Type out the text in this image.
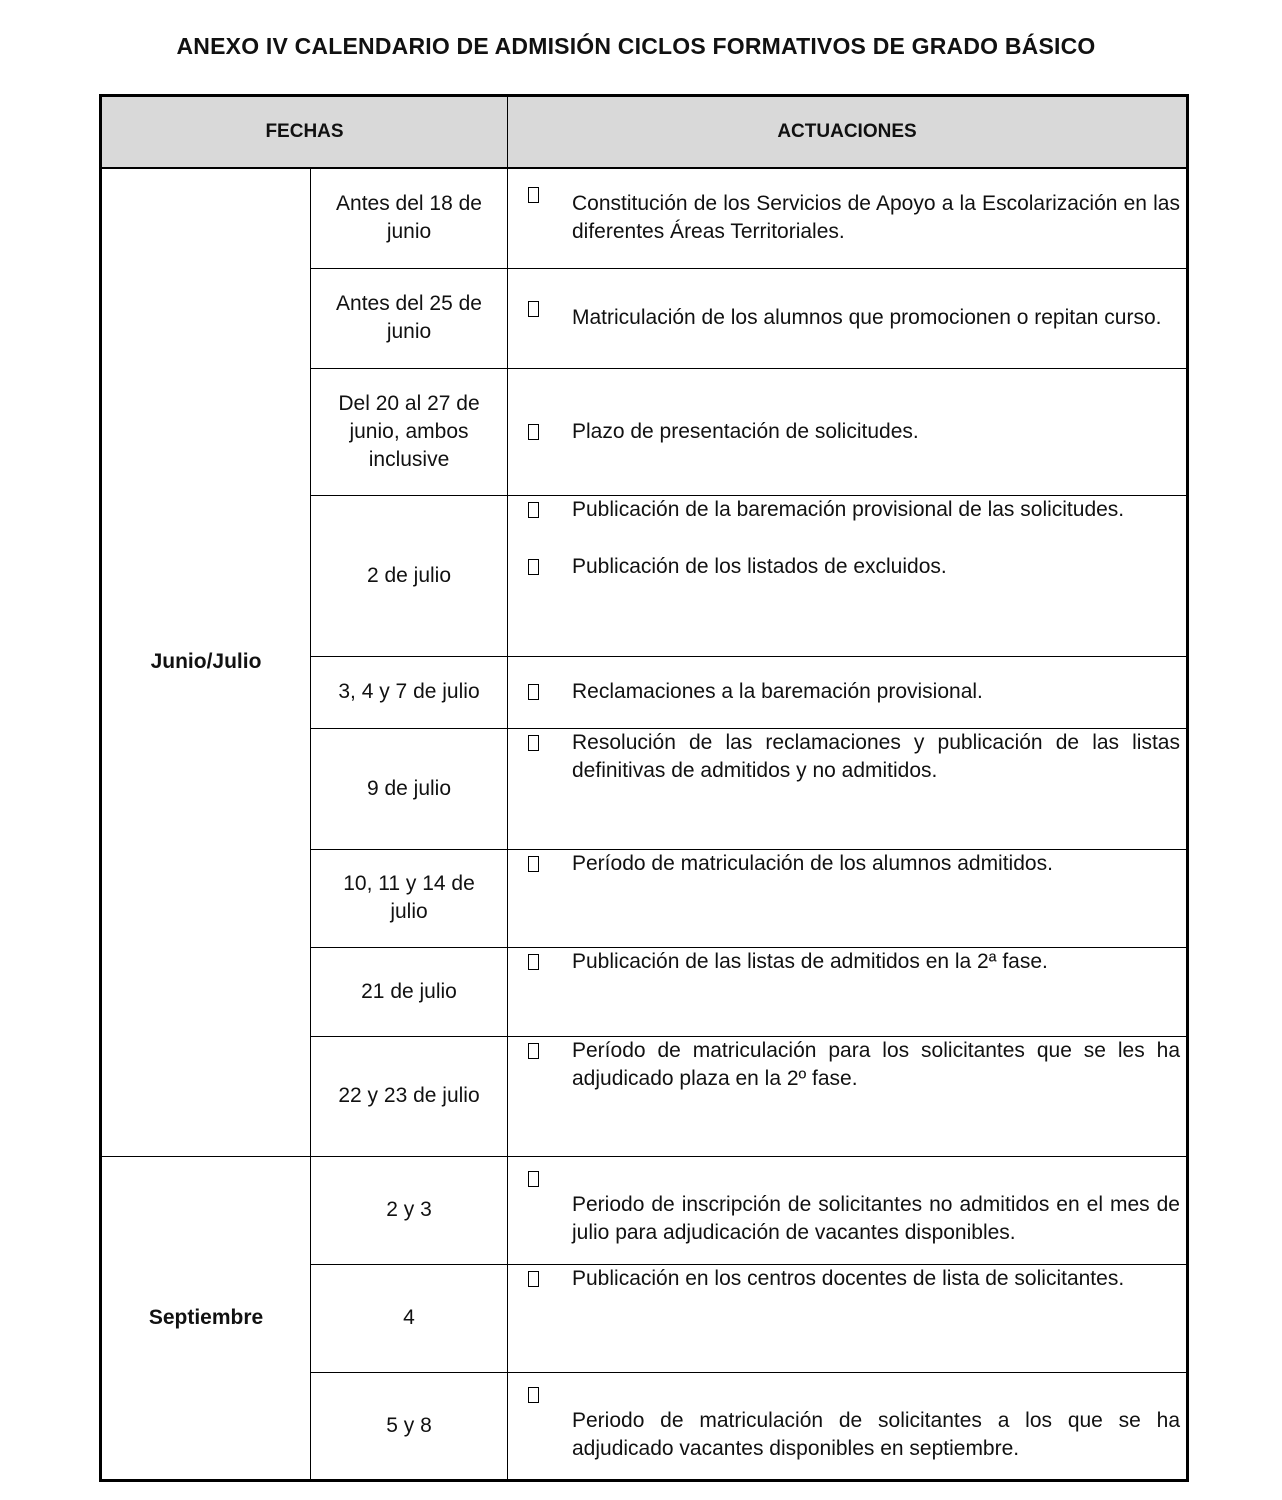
ANEXO IV CALENDARIO DE ADMISIÓN CICLOS FORMATIVOS DE GRADO BÁSICO
FECHAS		ACTUACIONES
Junio/Julio	Antes del 18 de junio	Constitución de los Servicios de Apoyo a la Escolarización en las diferentes Áreas Territoriales.

	Antes del 25 de junio	Matriculación de los alumnos que promocionen o repitan curso.

	Del 20 al 27 de junio, ambos inclusive	Plazo de presentación de solicitudes.

	2 de julio	Publicación de la baremación provisional de las solicitudes.
Publicación de los listados de excluidos.

	3, 4 y 7 de julio	Reclamaciones a la baremación provisional.

	9 de julio	Resolución de las reclamaciones y publicación de las listas definitivas de admitidos y no admitidos.

	10, 11 y 14 de julio	Período de matriculación de los alumnos admitidos.

	21 de julio	Publicación de las listas de admitidos en la 2ª fase.

	22 y 23 de julio	Período de matriculación para los solicitantes que se les ha adjudicado plaza en la 2º fase.

Septiembre	2 y 3	Periodo de inscripción de solicitantes no admitidos en el mes de julio para adjudicación de vacantes disponibles.

	4	Publicación en los centros docentes de lista de solicitantes.

	5 y 8	Periodo de matriculación de solicitantes a los que se ha adjudicado vacantes disponibles en septiembre.
